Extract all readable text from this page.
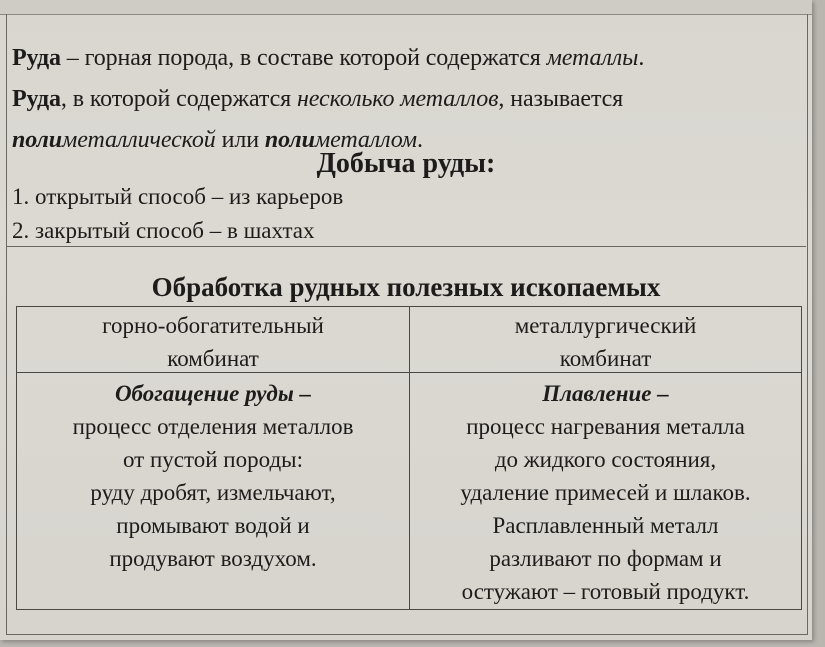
Руда – горная порода, в составе которой содержатся металлы.
Руда, в которой содержатся несколько металлов, называется
полиметаллической или полиметаллом.
Добыча руды:
1. открытый способ – из карьеров
2. закрытый способ – в шахтах
Обработка рудных полезных ископаемых
горно-обогатительный
комбинат
металлургический
комбинат
Обогащение руды –
процесс отделения металлов
от пустой породы:
руду дробят, измельчают,
промывают водой и
продувают воздухом.
Плавление –
процесс нагревания металла
до жидкого состояния,
удаление примесей и шлаков.
Расплавленный металл
разливают по формам и
остужают – готовый продукт.
